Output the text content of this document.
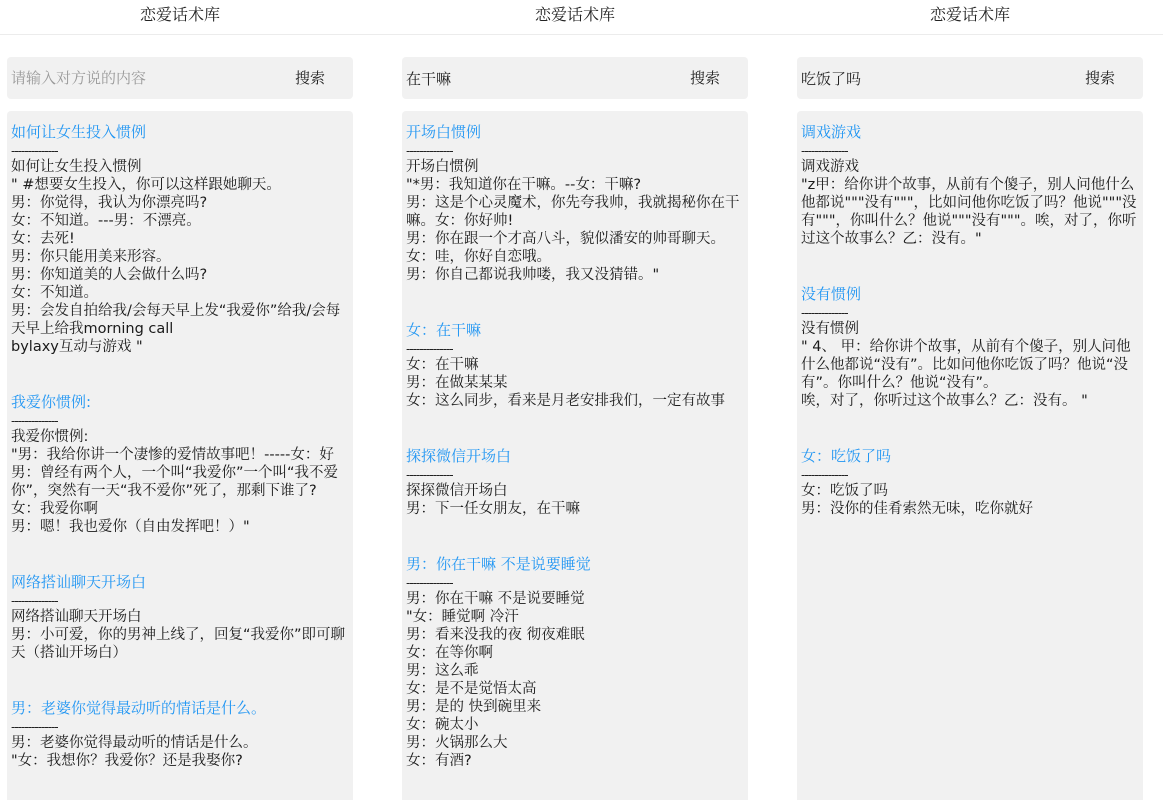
恋爱话术库
请输入对方说的内容
搜索
如何让女生投入惯例
--------------
如何让女生投入惯例
" #想要女生投入，你可以这样跟她聊天。
男：你觉得，我认为你漂亮吗?
女：不知道。---男：不漂亮。
女：去死!
男：你只能用美来形容。
男：你知道美的人会做什么吗?
女：不知道。
男：会发自拍给我/会每天早上发“我爱你”给我/会每天早上给我morning call
bylaxy互动与游戏 "
我爱你惯例:
--------------
我爱你惯例:
"男：我给你讲一个凄惨的爱情故事吧！-----女：好
男：曾经有两个人，一个叫“我爱你”一个叫“我不爱你”，突然有一天“我不爱你”死了，那剩下谁了?
女：我爱你啊
男：嗯！我也爱你（自由发挥吧！）"
网络搭讪聊天开场白
--------------
网络搭讪聊天开场白
男：小可爱，你的男神上线了，回复“我爱你”即可聊天（搭讪开场白）
男：老婆你觉得最动听的情话是什么。
--------------
男：老婆你觉得最动听的情话是什么。
"女：我想你？我爱你？还是我娶你?
恋爱话术库
在干嘛
搜索
开场白惯例
--------------
开场白惯例
"*男：我知道你在干嘛。--女：干嘛?
男：这是个心灵魔术，你先夸我帅，我就揭秘你在干嘛。女：你好帅!
男：你在跟一个才高八斗，貌似潘安的帅哥聊天。
女：哇，你好自恋哦。
男：你自己都说我帅喽，我又没猜错。"
女：在干嘛
--------------
女：在干嘛
男：在做某某某
女：这么同步，看来是月老安排我们，一定有故事
探探微信开场白
--------------
探探微信开场白
男：下一任女朋友，在干嘛
男：你在干嘛 不是说要睡觉
--------------
男：你在干嘛 不是说要睡觉
"女：睡觉啊 冷汗
男：看来没我的夜 彻夜难眠
女：在等你啊
男：这么乖
女：是不是觉悟太高
男：是的 快到碗里来
女：碗太小
男：火锅那么大
女：有酒?
恋爱话术库
吃饭了吗
搜索
调戏游戏
--------------
调戏游戏
"z甲：给你讲个故事，从前有个傻子，别人问他什么他都说"""没有"""，比如问他你吃饭了吗？他说"""没有"""，你叫什么？他说"""没有"""。唉，对了，你听过这个故事么？乙：没有。"
没有惯例
--------------
没有惯例
" 4、 甲：给你讲个故事，从前有个傻子，别人问他什么他都说“没有”。比如问他你吃饭了吗？他说“没有”。你叫什么？他说“没有”。
唉，对了，你听过这个故事么？乙：没有。 "
女：吃饭了吗
--------------
女：吃饭了吗
男：没你的佳肴索然无味，吃你就好
